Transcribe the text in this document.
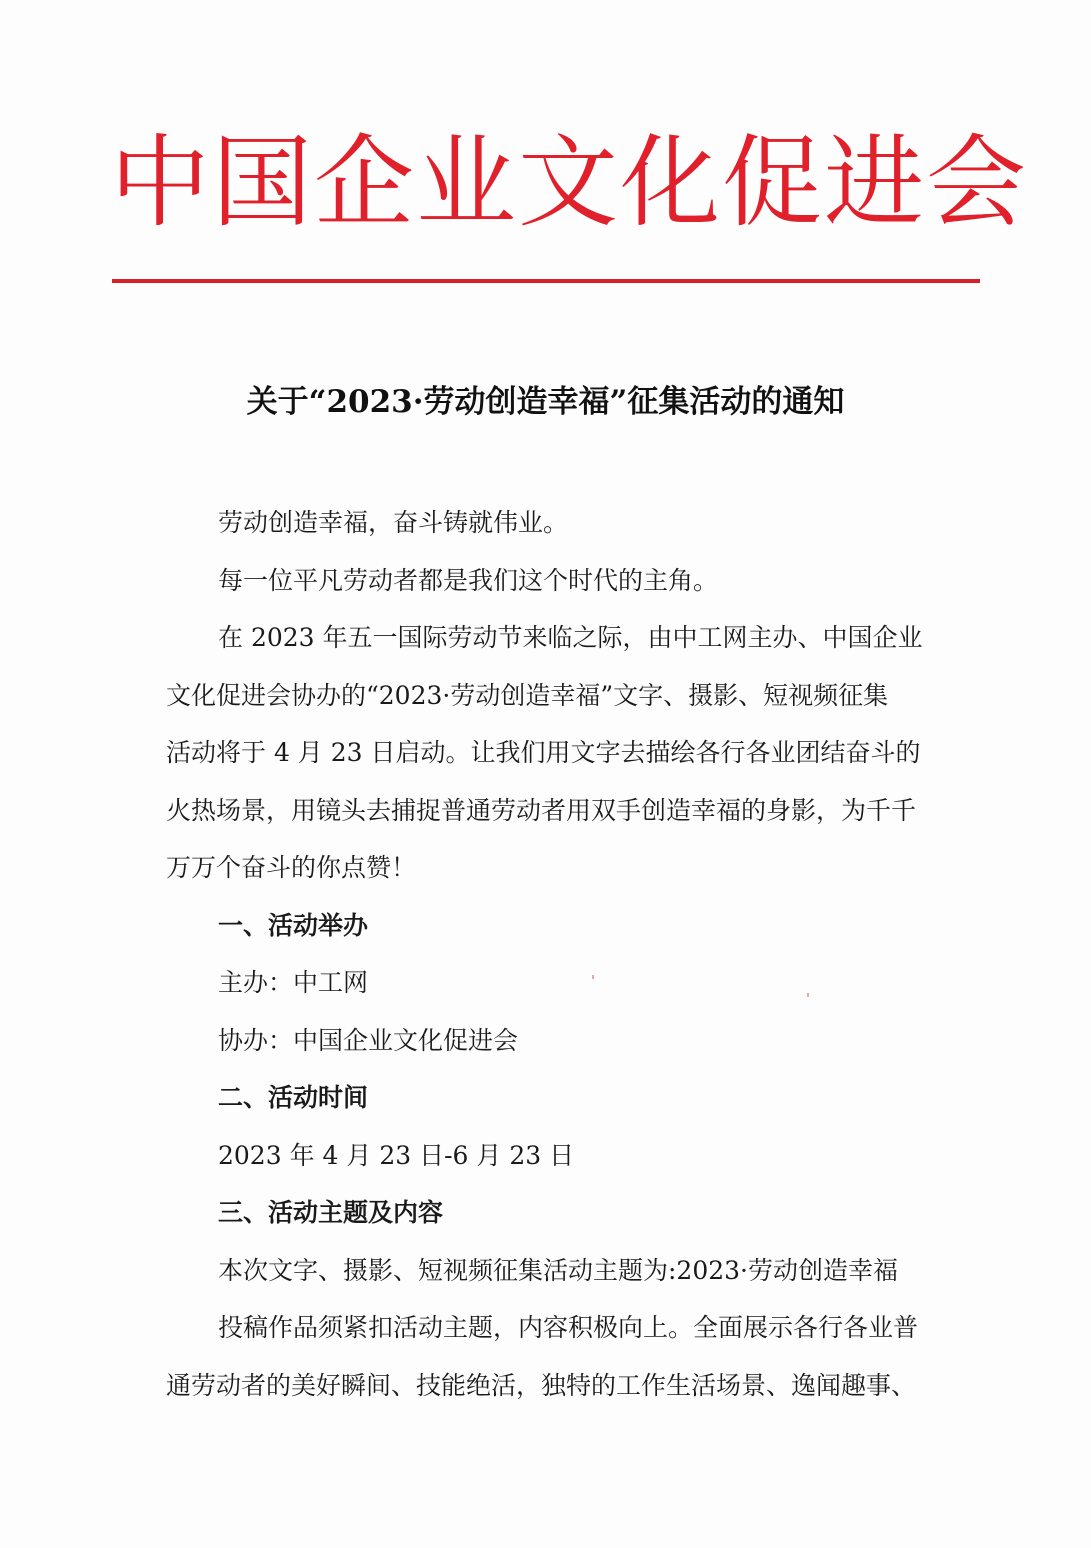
中国企业文化促进会
关于“2023·劳动创造幸福”征集活动的通知

劳动创造幸福，奋斗铸就伟业。

每一位平凡劳动者都是我们这个时代的主角。

在 2023 年五一国际劳动节来临之际，由中工网主办、中国企业
文化促进会协办的“2023·劳动创造幸福”文字、摄影、短视频征集
活动将于 4 月 23 日启动。让我们用文字去描绘各行各业团结奋斗的
火热场景，用镜头去捕捉普通劳动者用双手创造幸福的身影，为千千
万万个奋斗的你点赞！

一、活动举办

主办：中工网

协办：中国企业文化促进会

二、活动时间

2023 年 4 月 23 日-6 月 23 日

三、活动主题及内容

本次文字、摄影、短视频征集活动主题为:2023·劳动创造幸福

投稿作品须紧扣活动主题，内容积极向上。全面展示各行各业普
通劳动者的美好瞬间、技能绝活，独特的工作生活场景、逸闻趣事、
